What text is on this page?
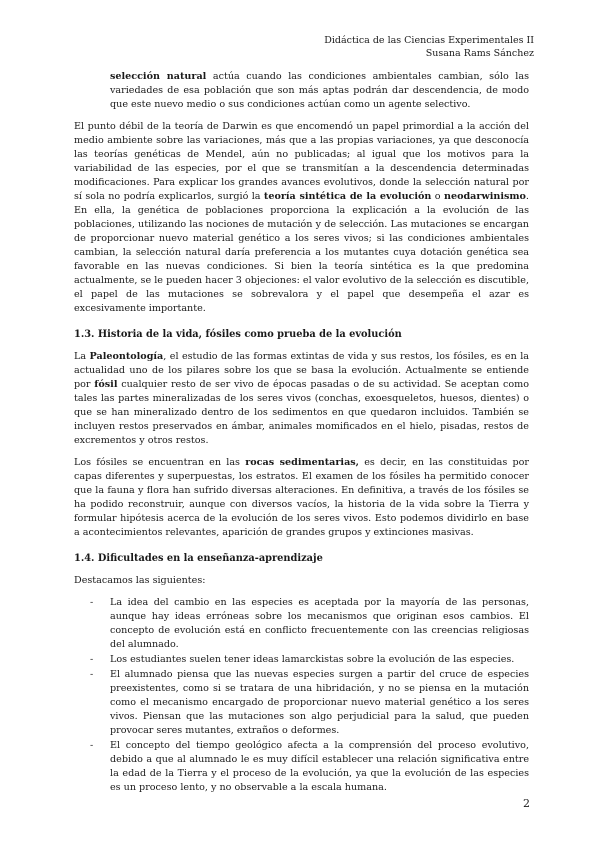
Didáctica de las Ciencias Experimentales II
Susana Rams Sánchez

selección natural actúa cuando las condiciones ambientales cambian, sólo las variedades de esa población que son más aptas podrán dar descendencia, de modo que este nuevo medio o sus condiciones actúan como un agente selectivo.

El punto débil de la teoría de Darwin es que encomendó un papel primordial a la acción del medio ambiente sobre las variaciones, más que a las propias variaciones, ya que desconocía las teorías genéticas de Mendel, aún no publicadas; al igual que los motivos para la variabilidad de las especies, por el que se transmitían a la descendencia determinadas modificaciones. Para explicar los grandes avances evolutivos, donde la selección natural por sí sola no podría explicarlos, surgió la teoría sintética de la evolución o neodarwinismo. En ella, la genética de poblaciones proporciona la explicación a la evolución de las poblaciones, utilizando las nociones de mutación y de selección. Las mutaciones se encargan de proporcionar nuevo material genético a los seres vivos; si las condiciones ambientales cambian, la selección natural daría preferencia a los mutantes cuya dotación genética sea favorable en las nuevas condiciones. Si bien la teoría sintética es la que predomina actualmente, se le pueden hacer 3 objeciones: el valor evolutivo de la selección es discutible, el papel de las mutaciones se sobrevalora y el papel que desempeña el azar es excesivamente importante.

1.3. Historia de la vida, fósiles como prueba de la evolución

La Paleontología, el estudio de las formas extintas de vida y sus restos, los fósiles, es en la actualidad uno de los pilares sobre los que se basa la evolución. Actualmente se entiende por fósil cualquier resto de ser vivo de épocas pasadas o de su actividad. Se aceptan como tales las partes mineralizadas de los seres vivos (conchas, exoesqueletos, huesos, dientes) o que se han mineralizado dentro de los sedimentos en que quedaron incluidos. También se incluyen restos preservados en ámbar, animales momificados en el hielo, pisadas, restos de excrementos y otros restos.

Los fósiles se encuentran en las rocas sedimentarias, es decir, en las constituidas por capas diferentes y superpuestas, los estratos. El examen de los fósiles ha permitido conocer que la fauna y flora han sufrido diversas alteraciones. En definitiva, a través de los fósiles se ha podido reconstruir, aunque con diversos vacíos, la historia de la vida sobre la Tierra y formular hipótesis acerca de la evolución de los seres vivos. Esto podemos dividirlo en base a acontecimientos relevantes, aparición de grandes grupos y extinciones masivas.

1.4. Dificultades en la enseñanza-aprendizaje

Destacamos las siguientes:

- La idea del cambio en las especies es aceptada por la mayoría de las personas, aunque hay ideas erróneas sobre los mecanismos que originan esos cambios. El concepto de evolución está en conflicto frecuentemente con las creencias religiosas del alumnado.
- Los estudiantes suelen tener ideas lamarckistas sobre la evolución de las especies.
- El alumnado piensa que las nuevas especies surgen a partir del cruce de especies preexistentes, como si se tratara de una hibridación, y no se piensa en la mutación como el mecanismo encargado de proporcionar nuevo material genético a los seres vivos. Piensan que las mutaciones son algo perjudicial para la salud, que pueden provocar seres mutantes, extraños o deformes.
- El concepto del tiempo geológico afecta a la comprensión del proceso evolutivo, debido a que al alumnado le es muy difícil establecer una relación significativa entre la edad de la Tierra y el proceso de la evolución, ya que la evolución de las especies es un proceso lento, y no observable a la escala humana.
2
